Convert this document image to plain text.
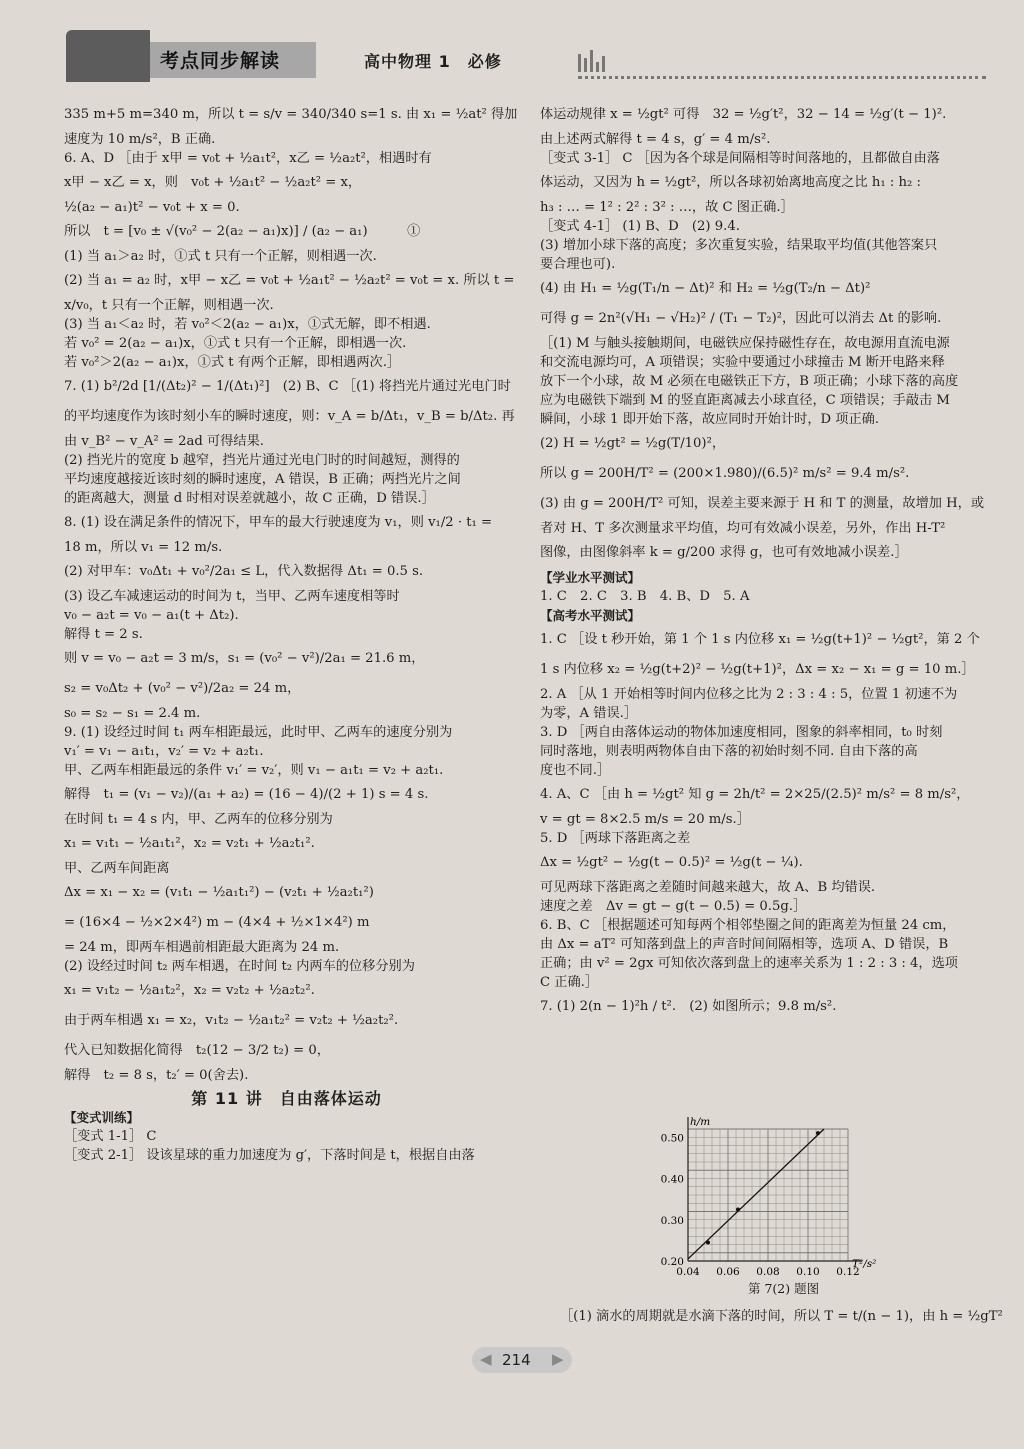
考点同步解读	高中物理 1　必修

335 m+5 m=340 m，所以 t = s/v = 340/340 s=1 s. 由 x₁ = ½at² 得加

速度为 10 m/s²，B 正确.

6. A、D ［由于 x甲 = v₀t + ½a₁t²，x乙 = ½a₂t²，相遇时有

x甲 − x乙 = x，则　v₀t + ½a₁t² − ½a₂t² = x，

½(a₂ − a₁)t² − v₀t + x = 0.

所以　t = [v₀ ± √(v₀² − 2(a₂ − a₁)x)] / (a₂ − a₁)　　　①

(1) 当 a₁＞a₂ 时，①式 t 只有一个正解，则相遇一次.

(2) 当 a₁ = a₂ 时，x甲 − x乙 = v₀t + ½a₁t² − ½a₂t² = v₀t = x. 所以 t =

x/v₀，t 只有一个正解，则相遇一次.

(3) 当 a₁＜a₂ 时，若 v₀²＜2(a₂ − a₁)x，①式无解，即不相遇.

若 v₀² = 2(a₂ − a₁)x，①式 t 只有一个正解，即相遇一次.

若 v₀²＞2(a₂ − a₁)x，①式 t 有两个正解，即相遇两次.］

7. (1) b²/2d [1/(Δt₂)² − 1/(Δt₁)²]　(2) B、C ［(1) 将挡光片通过光电门时

的平均速度作为该时刻小车的瞬时速度，则：v_A = b/Δt₁，v_B = b/Δt₂. 再

由 v_B² − v_A² = 2ad 可得结果.

(2) 挡光片的宽度 b 越窄，挡光片通过光电门时的时间越短，测得的

平均速度越接近该时刻的瞬时速度，A 错误，B 正确；两挡光片之间

的距离越大，测量 d 时相对误差就越小，故 C 正确，D 错误.］

8. (1) 设在满足条件的情况下，甲车的最大行驶速度为 v₁，则 v₁/2 · t₁ =

18 m，所以 v₁ = 12 m/s.

(2) 对甲车：v₀Δt₁ + v₀²/2a₁ ≤ L，代入数据得 Δt₁ = 0.5 s.

(3) 设乙车减速运动的时间为 t，当甲、乙两车速度相等时

v₀ − a₂t = v₀ − a₁(t + Δt₂).

解得 t = 2 s.

则 v = v₀ − a₂t = 3 m/s，s₁ = (v₀² − v²)/2a₁ = 21.6 m，

s₂ = v₀Δt₂ + (v₀² − v²)/2a₂ = 24 m，

s₀ = s₂ − s₁ = 2.4 m.

9. (1) 设经过时间 t₁ 两车相距最远，此时甲、乙两车的速度分别为

v₁′ = v₁ − a₁t₁，v₂′ = v₂ + a₂t₁.

甲、乙两车相距最远的条件 v₁′ = v₂′，则 v₁ − a₁t₁ = v₂ + a₂t₁.

解得　t₁ = (v₁ − v₂)/(a₁ + a₂) = (16 − 4)/(2 + 1) s = 4 s.

在时间 t₁ = 4 s 内，甲、乙两车的位移分别为

x₁ = v₁t₁ − ½a₁t₁²，x₂ = v₂t₁ + ½a₂t₁².

甲、乙两车间距离

Δx = x₁ − x₂ = (v₁t₁ − ½a₁t₁²) − (v₂t₁ + ½a₂t₁²)

= (16×4 − ½×2×4²) m − (4×4 + ½×1×4²) m

= 24 m，即两车相遇前相距最大距离为 24 m.

(2) 设经过时间 t₂ 两车相遇，在时间 t₂ 内两车的位移分别为

x₁ = v₁t₂ − ½a₁t₂²，x₂ = v₂t₂ + ½a₂t₂².

由于两车相遇 x₁ = x₂，v₁t₂ − ½a₁t₂² = v₂t₂ + ½a₂t₂².

代入已知数据化简得　t₂(12 − 3/2 t₂) = 0，

解得　t₂ = 8 s，t₂′ = 0(舍去).

第 11 讲　自由落体运动

【变式训练】

［变式 1-1］ C

［变式 2-1］ 设该星球的重力加速度为 g′，下落时间是 t，根据自由落

体运动规律 x = ½gt² 可得　32 = ½g′t²，32 − 14 = ½g′(t − 1)².

由上述两式解得 t = 4 s，g′ = 4 m/s².

［变式 3-1］ C ［因为各个球是间隔相等时间落地的，且都做自由落

体运动，又因为 h = ½gt²，所以各球初始离地高度之比 h₁ : h₂ :

h₃ : … = 1² : 2² : 3² : …，故 C 图正确.］

［变式 4-1］ (1) B、D　(2) 9.4.

(3) 增加小球下落的高度；多次重复实验，结果取平均值(其他答案只

要合理也可).

(4) 由 H₁ = ½g(T₁/n − Δt)² 和 H₂ = ½g(T₂/n − Δt)²

可得 g = 2n²(√H₁ − √H₂)² / (T₁ − T₂)²，因此可以消去 Δt 的影响.

［(1) M 与触头接触期间，电磁铁应保持磁性存在，故电源用直流电源

和交流电源均可，A 项错误；实验中要通过小球撞击 M 断开电路来释

放下一个小球，故 M 必须在电磁铁正下方，B 项正确；小球下落的高度

应为电磁铁下端到 M 的竖直距离减去小球直径，C 项错误；手敲击 M

瞬间，小球 1 即开始下落，故应同时开始计时，D 项正确.

(2) H = ½gt² = ½g(T/10)²，

所以 g = 200H/T² = (200×1.980)/(6.5)² m/s² = 9.4 m/s².

(3) 由 g = 200H/T² 可知，误差主要来源于 H 和 T 的测量，故增加 H，或

者对 H、T 多次测量求平均值，均可有效减小误差，另外，作出 H-T²

图像，由图像斜率 k = g/200 求得 g，也可有效地减小误差.］

【学业水平测试】

1. C　2. C　3. B　4. B、D　5. A

【高考水平测试】

1. C ［设 t 秒开始，第 1 个 1 s 内位移 x₁ = ½g(t+1)² − ½gt²，第 2 个

1 s 内位移 x₂ = ½g(t+2)² − ½g(t+1)²，Δx = x₂ − x₁ = g = 10 m.］

2. A ［从 1 开始相等时间内位移之比为 2 : 3 : 4 : 5，位置 1 初速不为

为零，A 错误.］

3. D ［两自由落体运动的物体加速度相同，图象的斜率相同，t₀ 时刻

同时落地，则表明两物体自由下落的初始时刻不同. 自由下落的高

度也不同.］

4. A、C ［由 h = ½gt² 知 g = 2h/t² = 2×25/(2.5)² m/s² = 8 m/s²，

v = gt = 8×2.5 m/s = 20 m/s.］

5. D ［两球下落距离之差

Δx = ½gt² − ½g(t − 0.5)² = ½g(t − ¼).

可见两球下落距离之差随时间越来越大，故 A、B 均错误.

速度之差　Δv = gt − g(t − 0.5) = 0.5g.］

6. B、C ［根据题述可知每两个相邻垫圈之间的距离差为恒量 24 cm，

由 Δx = aT² 可知落到盘上的声音时间间隔相等，选项 A、D 错误，B

正确；由 v² = 2gx 可知依次落到盘上的速率关系为 1 : 2 : 3 : 4，选项

C 正确.］

7. (1) 2(n − 1)²h / t².　(2) 如图所示；9.8 m/s².

0.04 0.06 0.08 0.10 0.12
0.20
0.30
0.40
0.50
h/m
T²/s²
第 7(2) 题图

［(1) 滴水的周期就是水滴下落的时间，所以 T = t/(n − 1)，由 h = ½gT²

◀ 214 ▶
